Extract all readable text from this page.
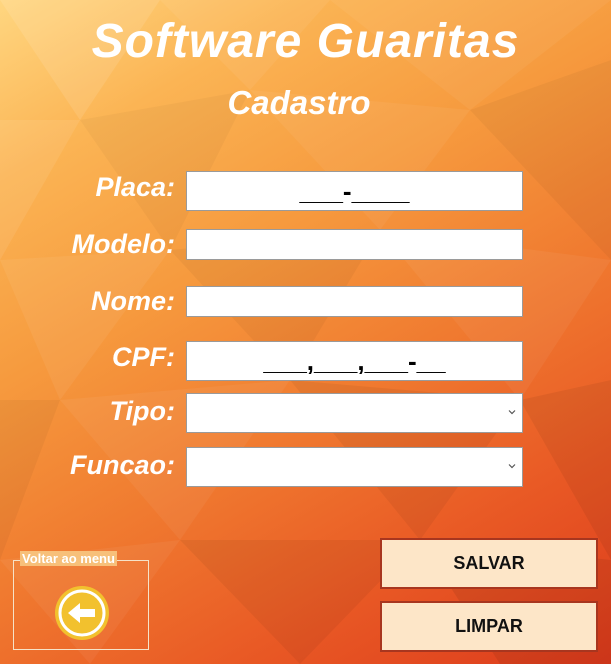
Software Guaritas
Cadastro
Placa:
___-____
Modelo:
Nome:
CPF:
___,___,___-__
Tipo:
Funcao:
SALVAR
LIMPAR
Voltar ao menu
